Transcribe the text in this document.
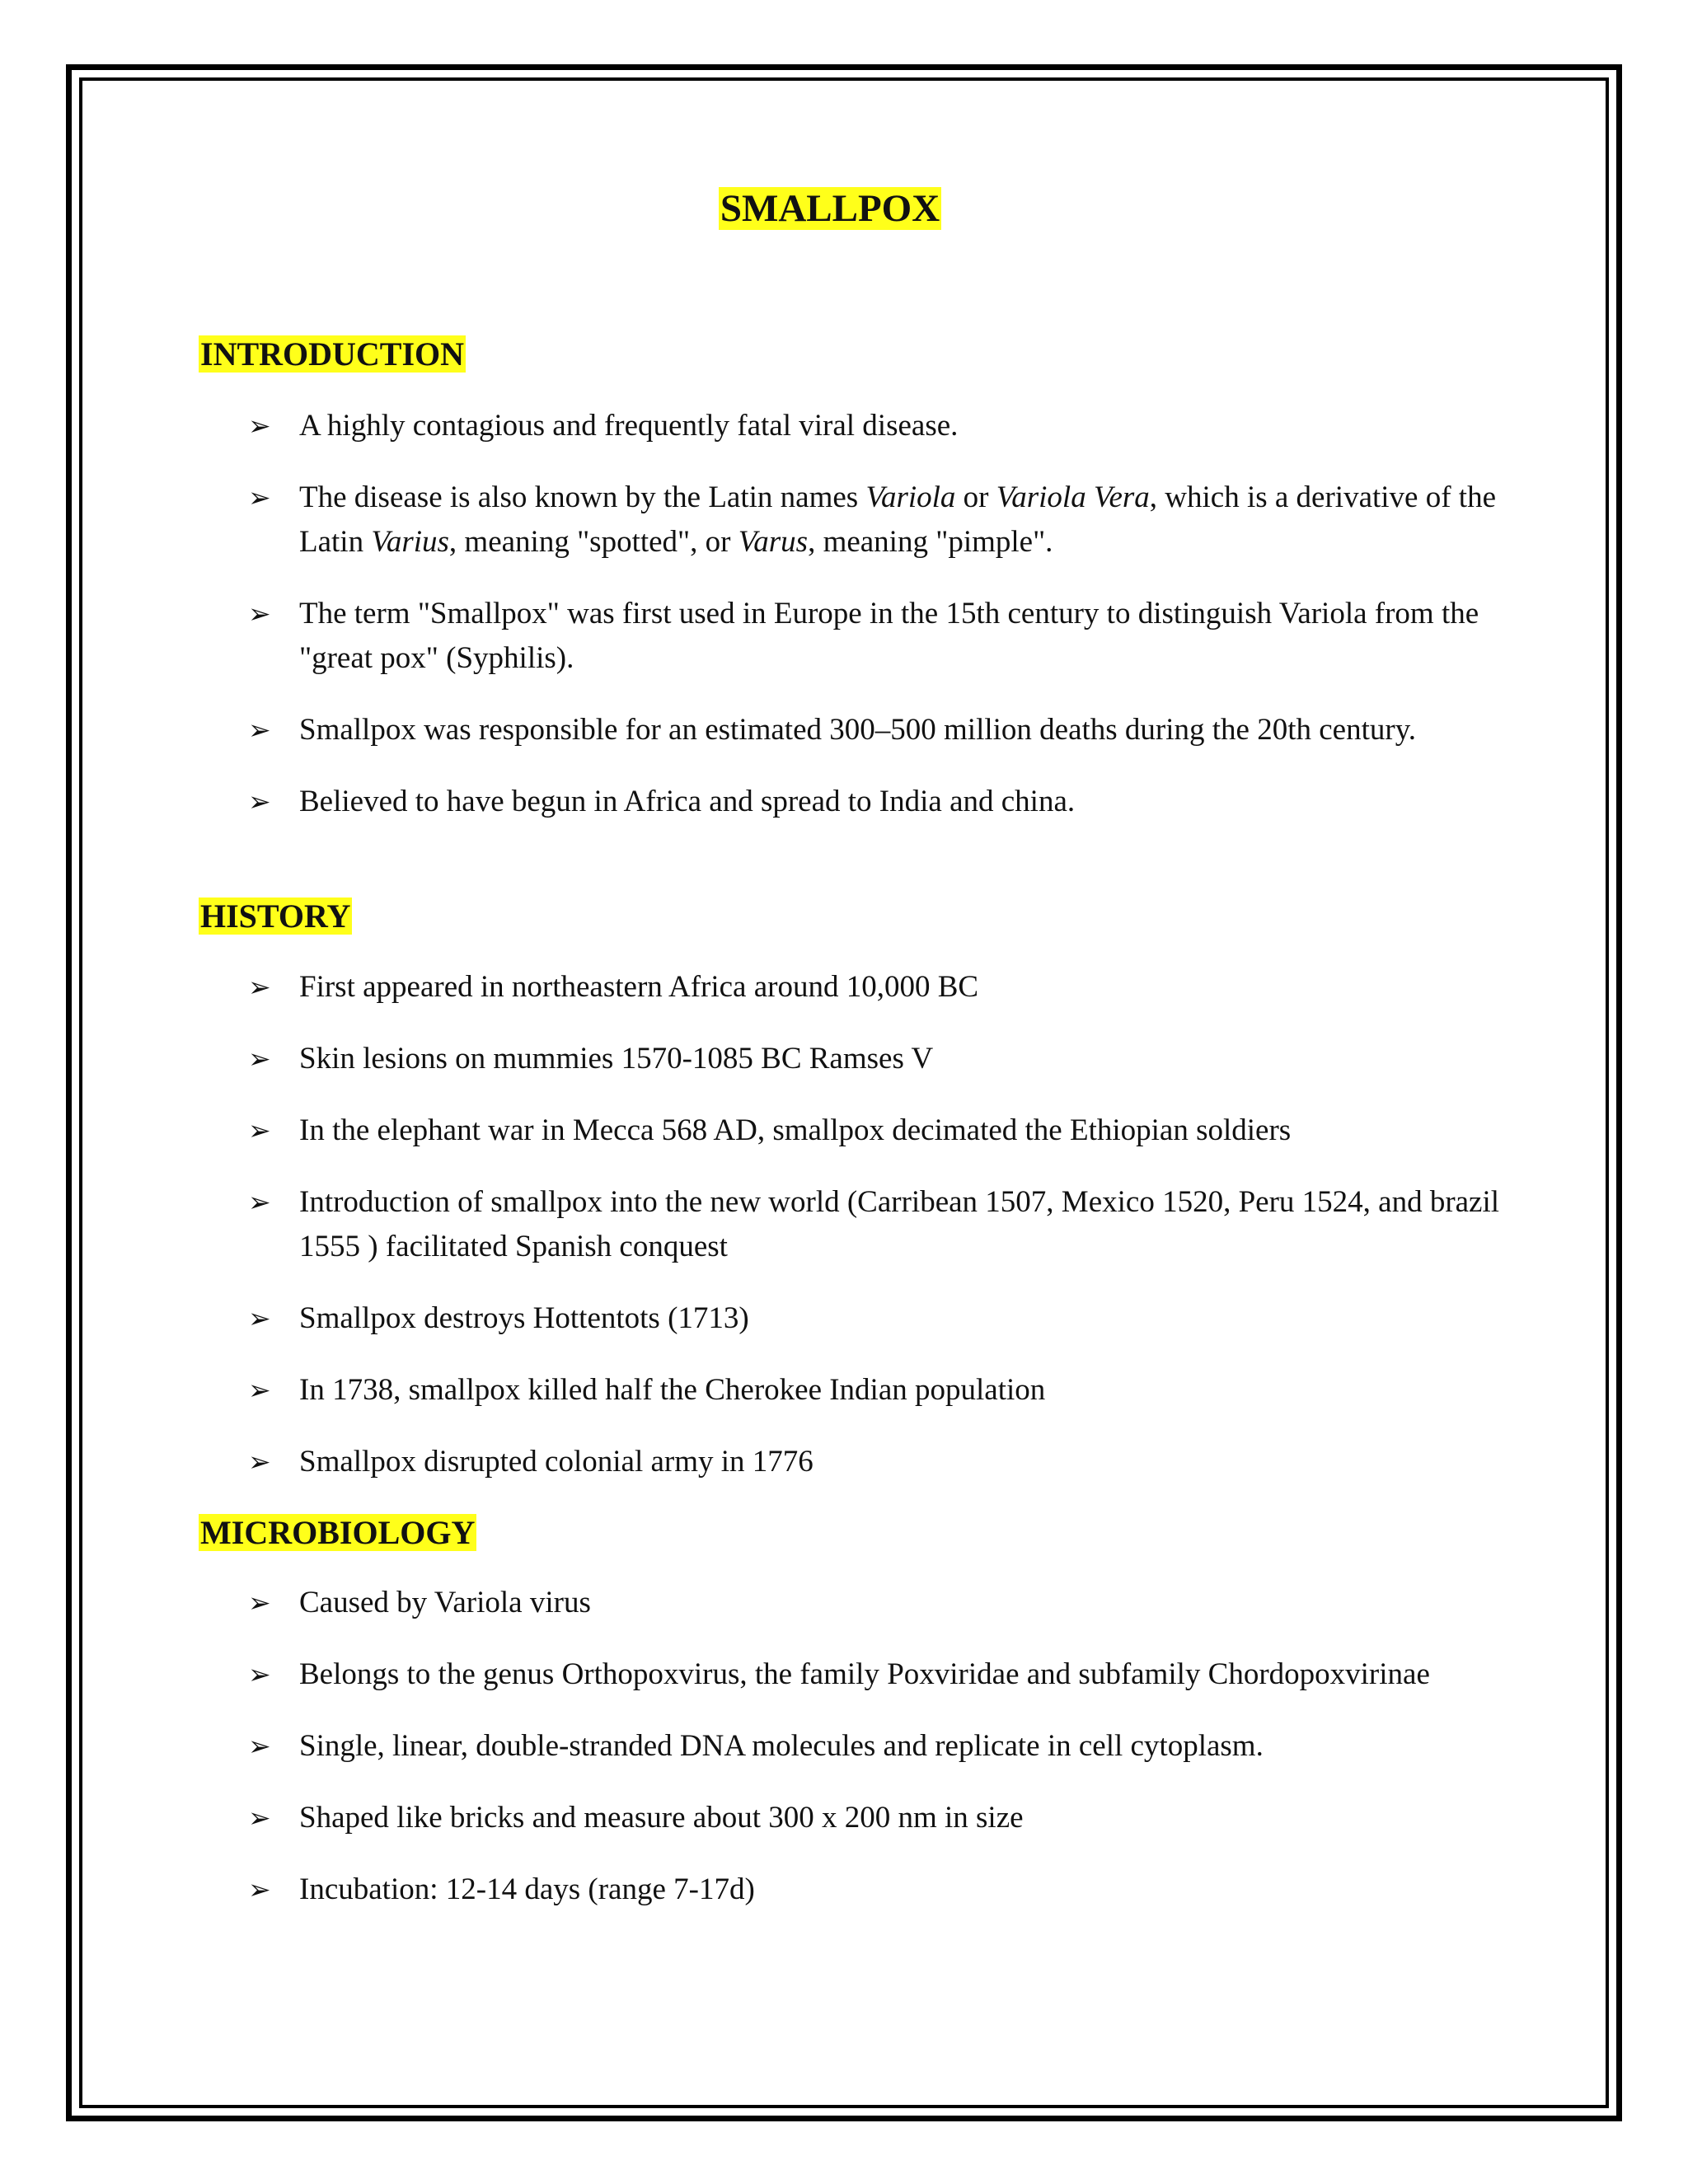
SMALLPOX
INTRODUCTION
➢ A highly contagious and frequently fatal viral disease.
➢ The disease is also known by the Latin names Variola or Variola Vera, which is a derivative of the Latin Varius, meaning "spotted", or Varus, meaning "pimple".
➢ The term "Smallpox" was first used in Europe in the 15th century to distinguish Variola from the "great pox" (Syphilis).
➢ Smallpox was responsible for an estimated 300–500 million deaths during the 20th century.
➢ Believed to have begun in Africa and spread to India and china.
HISTORY
➢ First appeared in northeastern Africa around 10,000 BC
➢ Skin lesions on mummies 1570-1085 BC Ramses V
➢ In the elephant war in Mecca 568 AD, smallpox decimated the Ethiopian soldiers
➢ Introduction of smallpox into the new world (Carribean 1507, Mexico 1520, Peru 1524, and brazil 1555 ) facilitated Spanish conquest
➢ Smallpox destroys Hottentots (1713)
➢ In 1738, smallpox killed half the Cherokee Indian population
➢ Smallpox disrupted colonial army in 1776
MICROBIOLOGY
➢ Caused by Variola virus
➢ Belongs to the genus Orthopoxvirus, the family Poxviridae and subfamily Chordopoxvirinae
➢ Single, linear, double-stranded DNA molecules and replicate in cell cytoplasm.
➢ Shaped like bricks and measure about 300 x 200 nm in size
➢ Incubation: 12-14 days (range 7-17d)
